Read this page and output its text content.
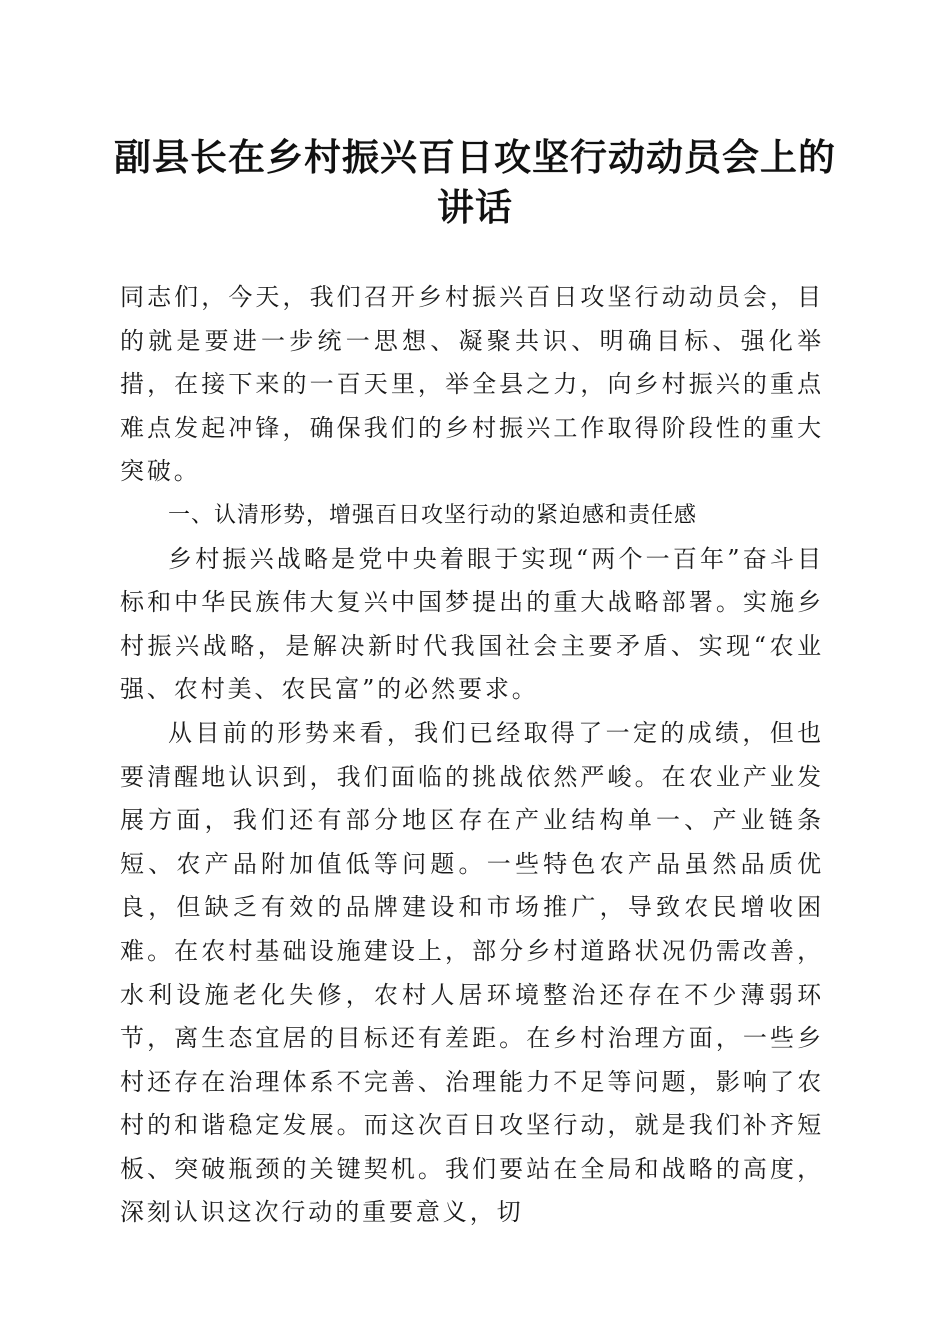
副县长在乡村振兴百日攻坚行动动员会上的讲话

同志们，今天，我们召开乡村振兴百日攻坚行动动员会，目的就是要进一步统一思想、凝聚共识、明确目标、强化举措，在接下来的一百天里，举全县之力，向乡村振兴的重点难点发起冲锋，确保我们的乡村振兴工作取得阶段性的重大突破。

一、认清形势，增强百日攻坚行动的紧迫感和责任感

乡村振兴战略是党中央着眼于实现“两个一百年”奋斗目标和中华民族伟大复兴中国梦提出的重大战略部署。实施乡村振兴战略，是解决新时代我国社会主要矛盾、实现“农业强、农村美、农民富”的必然要求。

从目前的形势来看，我们已经取得了一定的成绩，但也要清醒地认识到，我们面临的挑战依然严峻。在农业产业发展方面，我们还有部分地区存在产业结构单一、产业链条短、农产品附加值低等问题。一些特色农产品虽然品质优良，但缺乏有效的品牌建设和市场推广，导致农民增收困难。在农村基础设施建设上，部分乡村道路状况仍需改善，水利设施老化失修，农村人居环境整治还存在不少薄弱环节，离生态宜居的目标还有差距。在乡村治理方面，一些乡村还存在治理体系不完善、治理能力不足等问题，影响了农村的和谐稳定发展。而这次百日攻坚行动，就是我们补齐短板、突破瓶颈的关键契机。我们要站在全局和战略的高度，深刻认识这次行动的重要意义，切
